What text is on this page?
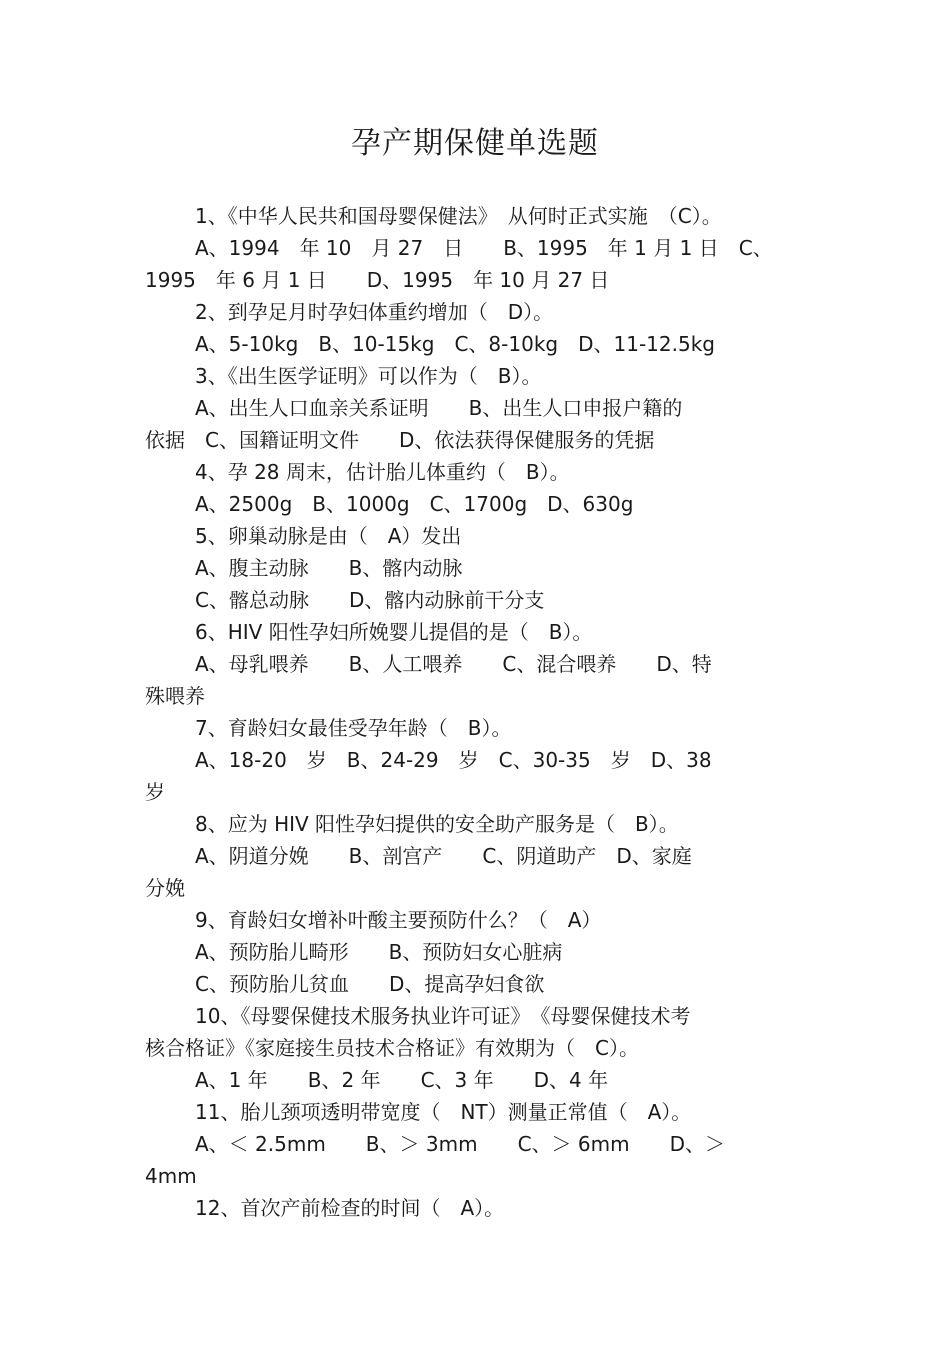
孕产期保健单选题
1、《中华人民共和国母婴保健法》　从何时正式实施　（C）。
A、1994　年 10　月 27　日　　B、1995　年 1 月 1 日　C、
1995　年 6 月 1 日　　D、1995　年 10 月 27 日
2、到孕足月时孕妇体重约增加（　D）。
A、5-10kg　B、10-15kg　C、8-10kg　D、11-12.5kg
3、《出生医学证明》可以作为（　B）。
A、出生人口血亲关系证明　　B、出生人口申报户籍的
依据　C、国籍证明文件　　D、依法获得保健服务的凭据
4、孕 28 周末，估计胎儿体重约（　B）。
A、2500g　B、1000g　C、1700g　D、630g
5、卵巢动脉是由（　A）发出
A、腹主动脉　　B、髂内动脉
C、髂总动脉　　D、髂内动脉前干分支
6、HIV 阳性孕妇所娩婴儿提倡的是（　B）。
A、母乳喂养　　B、人工喂养　　C、混合喂养　　D、特
殊喂养
7、育龄妇女最佳受孕年龄（　B）。
A、18-20　岁　B、24-29　岁　C、30-35　岁　D、38
岁
8、应为 HIV 阳性孕妇提供的安全助产服务是（　B）。
A、阴道分娩　　B、剖宫产　　C、阴道助产　D、家庭
分娩
9、育龄妇女增补叶酸主要预防什么？（　A）
A、预防胎儿畸形　　B、预防妇女心脏病
C、预防胎儿贫血　　D、提高孕妇食欲
10、《母婴保健技术服务执业许可证》　《母婴保健技术考
核合格证》《家庭接生员技术合格证》有效期为（　C）。
A、1 年　　B、2 年　　C、3 年　　D、4 年
11、胎儿颈项透明带宽度（　NT）测量正常值（　A）。
A、＜ 2.5mm　　B、＞ 3mm　　C、＞ 6mm　　D、＞
4mm
12、首次产前检查的时间（　A）。
